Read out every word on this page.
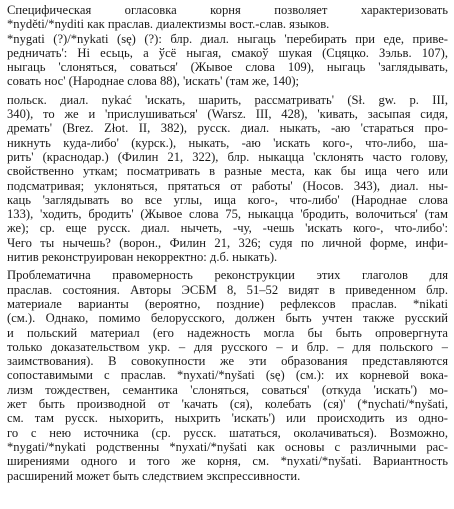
Специфическая огласовка корня позволяет характеризовать
*nyděti/*nyditi как праслав. диалектизмы вост.-слав. языков.
*nygati (?)/*nykati (sę) (?): блр. диал. ныгаць 'перебирать при еде, приве-
редничать': Hi есьць, а ўсё ныгая, смакоў шукая (Сцяцко. Зэльв. 107),
ныгаць 'слоняться, соваться' (Жывое слова 109), ныгаць 'заглядывать,
совать нос' (Народнае слова 88), 'искать' (там же, 140);
польск. диал. nykać 'искать, шарить, рассматривать' (Sł. gw. p. III,
340), то же и 'прислушиваться' (Warsz. III, 428), 'кивать, засыпая сидя,
дремать' (Brez. Złot. II, 382), русск. диал. ныкать, -аю 'стараться про-
никнуть куда-либо' (курск.), ныкать, -аю 'искать кого-, что-либо, ша-
рить' (краснодар.) (Филин 21, 322), блр. ныкацца 'склонять часто голову,
свойственно уткам; посматривать в разные места, как бы ища чего или
подсматривая; уклоняться, прятаться от работы' (Носов. 343), диал. ны-
каць 'заглядывать во все углы, ища кого-, что-либо' (Народнае слова
133), 'ходить, бродить' (Жывое слова 75, ныкацца 'бродить, волочиться' (там
же); ср. еще русск. диал. нычеть, -чу, -чешь 'искать кого-, что-либо':
Чего ты нычешь? (ворон., Филин 21, 326; судя по личной форме, инфи-
нитив реконструирован некорректно: д.б. ныкать).
Проблематична правомерность реконструкции этих глаголов для
праслав. состояния. Авторы ЭСБМ 8, 51–52 видят в приведенном блр.
материале варианты (вероятно, поздние) рефлексов праслав. *nikati
(см.). Однако, помимо белорусского, должен быть учтен также русский
и польский материал (его надежность могла бы быть опровергнута
только доказательством укр. – для русского – и блр. – для польского –
заимствования). В совокупности же эти образования представляются
сопоставимыми с праслав. *nyxati/*nyšati (sę) (см.): их корневой вока-
лизм тождествен, семантика 'слоняться, соваться' (откуда 'искать') мо-
жет быть производной от 'качать (ся), колебать (ся)' (*nychati/*nyšati,
см. там русск. ныхорить, ныхрить 'искать') или происходить из одно-
го с нею источника (ср. русск. шататься, околачиваться). Возможно,
*nygati/*nykati родственны *nyxati/*nyšati как основы с различными рас-
ширениями одного и того же корня, см. *nyxati/*nyšati. Вариантность
расширений может быть следствием экспрессивности.
